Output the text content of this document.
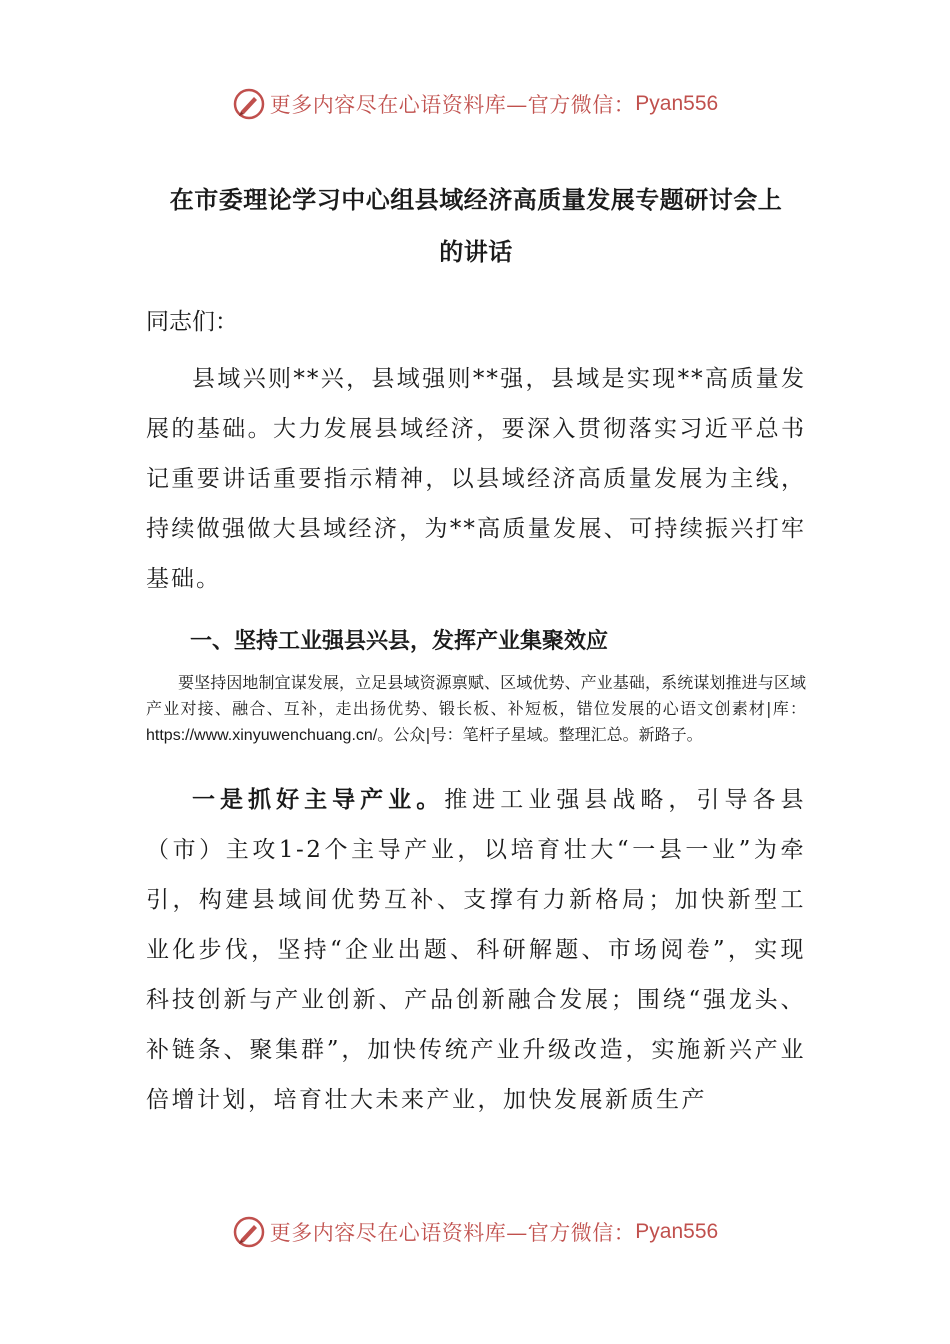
更多内容尽在心语资料库—官方微信： Pyan556
在市委理论学习中心组县域经济高质量发展专题研讨会上
的讲话

同志们：

县域兴则**兴，县域强则**强，县域是实现**高质量发展的基础。大力发展县域经济，要深入贯彻落实习近平总书记重要讲话重要指示精神，以县域经济高质量发展为主线，持续做强做大县域经济，为**高质量发展、可持续振兴打牢基础。

一、坚持工业强县兴县，发挥产业集聚效应

要坚持因地制宜谋发展，立足县域资源禀赋、区域优势、产业基础，系统谋划推进与区域产业对接、融合、互补，走出扬优势、锻长板、补短板，错位发展的心语文创素材|库：https://www.xinyuwenchuang.cn/。公众|号：笔杆子星域。整理汇总。新路子。

一是抓好主导产业。推进工业强县战略，引导各县（市）主攻1-2个主导产业，以培育壮大“一县一业”为牵引，构建县域间优势互补、支撑有力新格局；加快新型工业化步伐，坚持“企业出题、科研解题、市场阅卷”，实现科技创新与产业创新、产品创新融合发展；围绕“强龙头、补链条、聚集群”，加快传统产业升级改造，实施新兴产业倍增计划，培育壮大未来产业，加快发展新质生产

更多内容尽在心语资料库—官方微信： Pyan556
